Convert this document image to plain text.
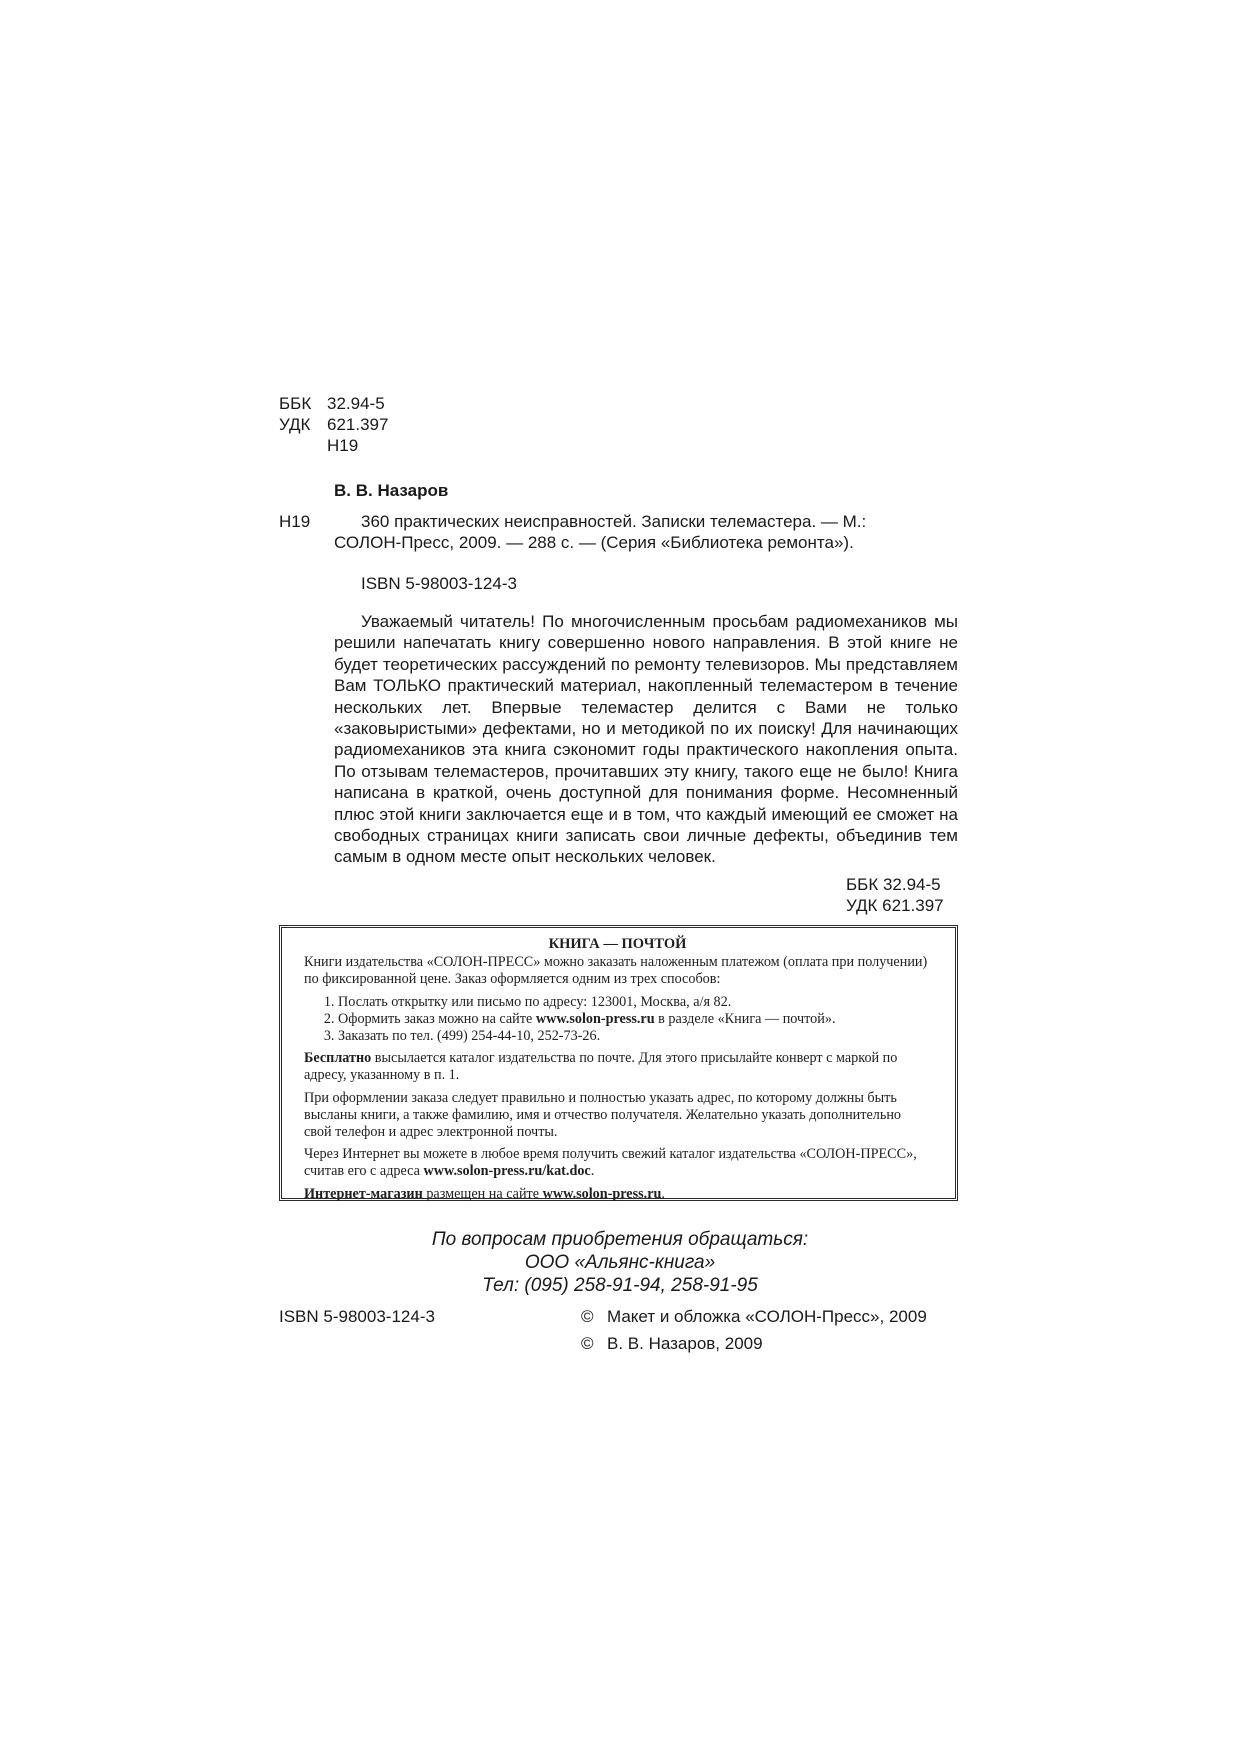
ББК 32.94-5
УДК 621.397
Н19
В. В. Назаров
Н19	360 практических неисправностей. Записки телемастера. — М.:
СОЛОН-Пресс, 2009. — 288 с. — (Серия «Библиотека ремонта»).
ISBN 5-98003-124-3
Уважаемый читатель! По многочисленным просьбам радиомехаников мы решили напечатать книгу совершенно нового направления. В этой книге не будет теоретических рассуждений по ремонту телевизоров. Мы представляем Вам ТОЛЬКО практический материал, накопленный телемастером в течение нескольких лет. Впервые телемастер делится с Вами не только «заковыристыми» дефектами, но и методикой по их поиску! Для начинающих радиомехаников эта книга сэкономит годы практического накопления опыта. По отзывам телемастеров, прочитавших эту книгу, такого еще не было! Книга написана в краткой, очень доступной для понимания форме. Несомненный плюс этой книги заключается еще и в том, что каждый имеющий ее сможет на свободных страницах книги записать свои личные дефекты, объединив тем самым в одном месте опыт нескольких человек.
ББК 32.94-5
УДК 621.397
КНИГА — ПОЧТОЙ

Книги издательства «СОЛОН-ПРЕСС» можно заказать наложенным платежом (оплата при получении) по фиксированной цене. Заказ оформляется одним из трех способов:

1. Послать открытку или письмо по адресу: 123001, Москва, а/я 82.
2. Оформить заказ можно на сайте www.solon-press.ru в разделе «Книга — почтой».
3. Заказать по тел. (499) 254-44-10, 252-73-26.

Бесплатно высылается каталог издательства по почте. Для этого присылайте конверт с маркой по адресу, указанному в п. 1.

При оформлении заказа следует правильно и полностью указать адрес, по которому должны быть высланы книги, а также фамилию, имя и отчество получателя. Желательно указать дополнительно свой телефон и адрес электронной почты.

Через Интернет вы можете в любое время получить свежий каталог издательства «СОЛОН-ПРЕСС», считав его с адреса www.solon-press.ru/kat.doc.

Интернет-магазин размещен на сайте www.solon-press.ru.

По вопросам приобретения обращаться:
ООО «Альянс-книга»
Тел: (095) 258-91-94, 258-91-95
ISBN 5-98003-124-3	© Макет и обложка «СОЛОН-Пресс», 2009
© В. В. Назаров, 2009
